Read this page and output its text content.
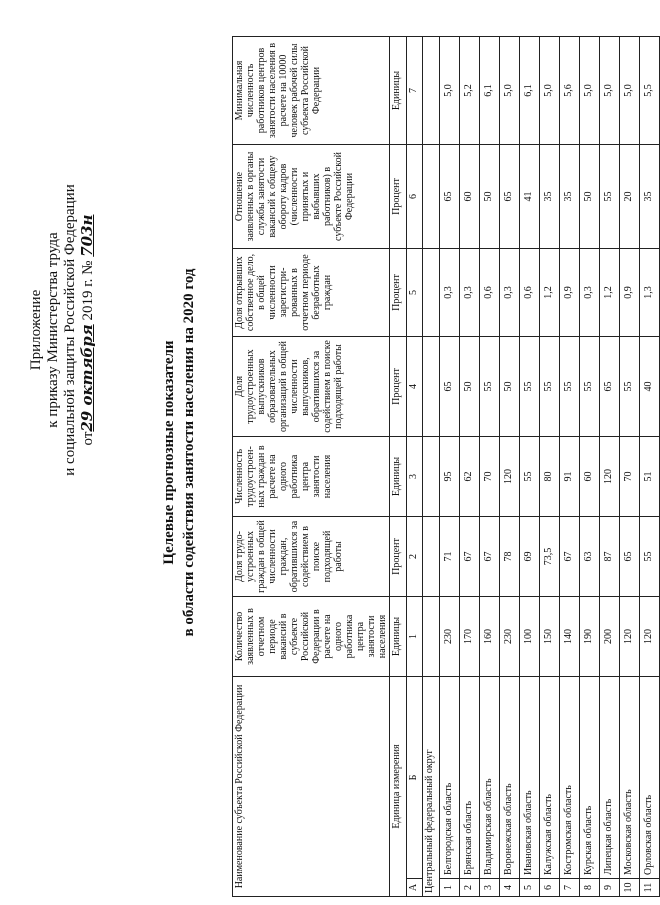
Приложение к приказу Министерства труда и социальной защиты Российской Федерации от29 октября 2019 г. № 703н
Целевые прогнозные показатели в области содействия занятости населения на 2020 год
Наименование субъекта Российской Федерации		Количество заявленных в отчетном периоде вакансий в субъекте Российской Федерации в расчете на одного работника центра занятости населения	Доля трудо-устроенных граждан в общей численности граждан, обратившихся за содействием в поиске подходящей работы	Численность трудоустроен-ных граждан в расчете на одного работника центра занятости населения	Доля трудоустроенных выпускников образовательных организаций в общей численности выпускников, обратившихся за содействием в поиске подходящей работы	Доля открывших собственное дело, в общей численности зарегистри-рованных в отчетном периоде безработных граждан	Отношение заявленных в органы службы занятости вакансий к общему обороту кадров (численности принятых и выбывших работников) в субъекте Российской Федерации	Минимальная численность работников центров занятости населения в расчете на 10000 человек рабочей силы субъекта Российской Федерации
Единица измерения		Единицы	Процент	Единицы	Процент	Процент	Процент	Единицы
А	Б	1	2	3	4	5	6	7
Центральный федеральный округ								
1	Белгородская область	230	71	95	65	0,3	65	5,0
2	Брянская область	170	67	62	50	0,3	60	5,2
3	Владимирская область	160	67	70	55	0,6	50	6,1
4	Воронежская область	230	78	120	50	0,3	65	5,0
5	Ивановская область	100	69	55	55	0,6	41	6,1
6	Калужская область	150	73,5	80	55	1,2	35	5,0
7	Костромская область	140	67	91	55	0,9	35	5,6
8	Курская область	190	63	60	55	0,3	50	5,0
9	Липецкая область	200	87	120	65	1,2	55	5,0
10	Московская область	120	65	70	55	0,9	20	5,0
11	Орловская область	120	55	51	40	1,3	35	5,5
